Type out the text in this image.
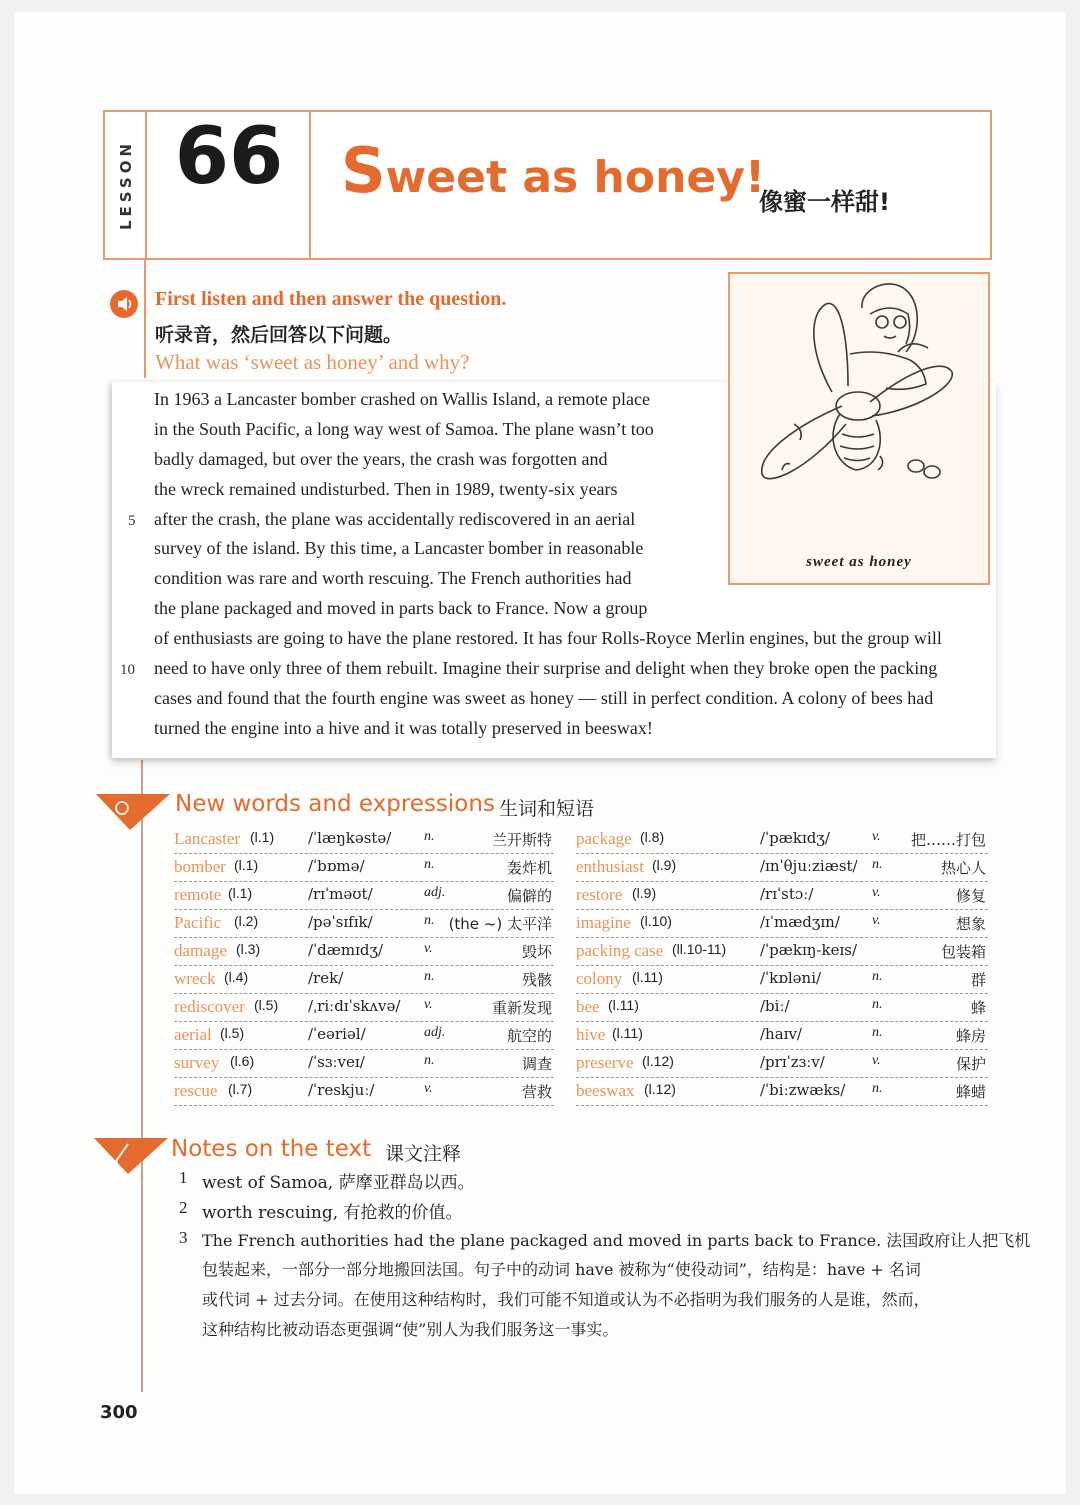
LESSON 66 Sweet as honey!
像蜜一样甜!
First listen and then answer the question.
听录音，然后回答以下问题。
What was ‘sweet as honey’ and why?
In 1963 a Lancaster bomber crashed on Wallis Island, a remote place
in the South Pacific, a long way west of Samoa. The plane wasn’t too
badly damaged, but over the years, the crash was forgotten and
the wreck remained undisturbed. Then in 1989, twenty-six years
after the crash, the plane was accidentally rediscovered in an aerial
survey of the island. By this time, a Lancaster bomber in reasonable
condition was rare and worth rescuing. The French authorities had
the plane packaged and moved in parts back to France. Now a group
of enthusiasts are going to have the plane restored. It has four Rolls-Royce Merlin engines, but the group will
need to have only three of them rebuilt. Imagine their surprise and delight when they broke open the packing
cases and found that the fourth engine was sweet as honey — still in perfect condition. A colony of bees had
turned the engine into a hive and it was totally preserved in beeswax!
5
10
sweet as honey
New words and expressions 生词和短语
Lancaster (l.1) /ˈlæŋkəstə/ n.	兰开斯特
bomber (l.1)	/ˈbɒmə/	n.	轰炸机
remote (l.1)	/rɪˈməʊt/	adj.	偏僻的
Pacific (l.2)	/pəˈsɪfɪk/	n. (the ~) 太平洋
damage (l.3)	/ˈdæmɪdʒ/	v.	毁坏
wreck (l.4)	/rek/	n.	残骸
rediscover (l.5) /ˌriːdɪˈskʌvə/ v.	重新发现
aerial (l.5)	/ˈeəriəl/	adj.	航空的
survey (l.6)	/ˈsɜːveɪ/	n.	调查
rescue (l.7)	/ˈreskjuː/	v.	营救
package (l.8)	/ˈpækɪdʒ/	v. 把……打包
enthusiast (l.9)	/ɪnˈθjuːziæst/ n.	热心人
restore (l.9)	/rɪˈstɔː/	v.	修复
imagine (l.10)	/ɪˈmædʒɪn/ v.	想象
packing case (ll.10-11) /ˈpækɪŋ-keɪs/	包装箱
colony (l.11)	/ˈkɒləni/	n.	群
bee (l.11)	/biː/	n.	蜂
hive (l.11)	/haɪv/	n.	蜂房
preserve (l.12)	/prɪˈzɜːv/	v.	保护
beeswax (l.12)	/ˈbiːzwæks/ n.	蜂蜡
Notes on the text 课文注释
1 west of Samoa, 萨摩亚群岛以西。
2 worth rescuing, 有抢救的价值。
3 The French authorities had the plane packaged and moved in parts back to France. 法国政府让人把飞机
包装起来，一部分一部分地搬回法国。句子中的动词 have 被称为“使役动词”，结构是：have + 名词
或代词 + 过去分词。在使用这种结构时，我们可能不知道或认为不必指明为我们服务的人是谁，然而，
这种结构比被动语态更强调“使”别人为我们服务这一事实。
300
